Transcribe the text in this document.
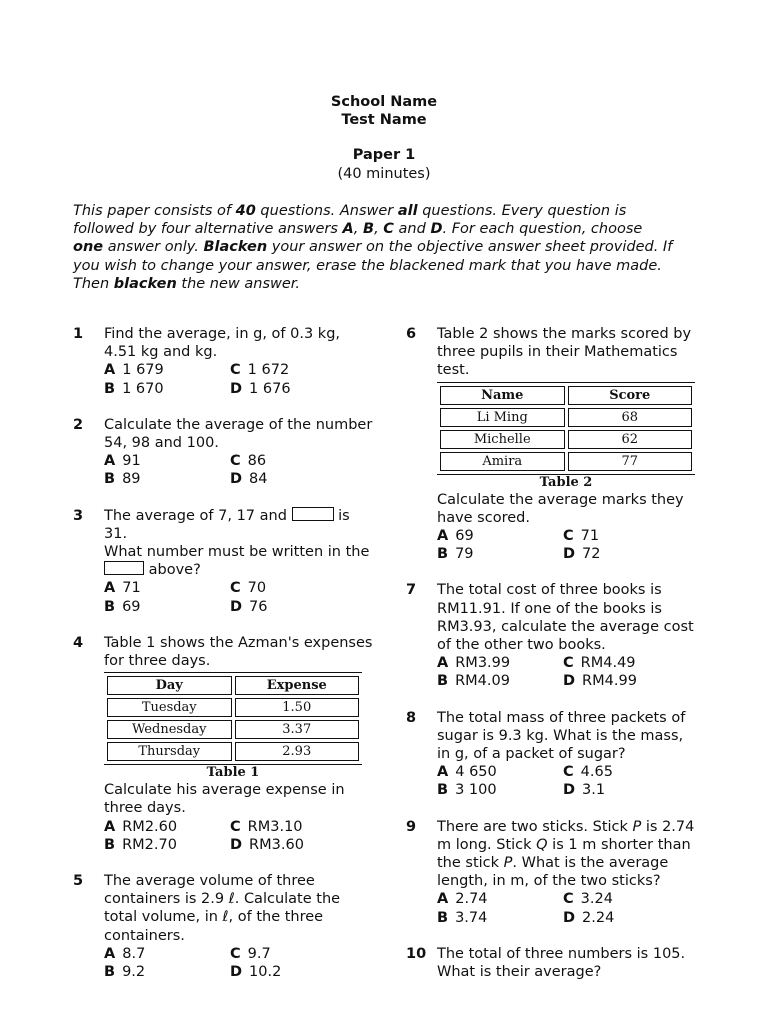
School Name
Test Name
Paper 1
(40 minutes)
This paper consists of 40 questions. Answer all questions. Every question is followed by four alternative answers A, B, C and D. For each question, choose one answer only. Blacken your answer on the objective answer sheet provided. If you wish to change your answer, erase the blackened mark that you have made. Then blacken the new answer.
1 Find the average, in g, of 0.3 kg, 4.51 kg and kg.
A 1 679	C 1 672
B 1 670	D 1 676
2 Calculate the average of the number 54, 98 and 100.
A 91	C 86
B 89	D 84
3 The average of 7, 17 and	is 31.
What number must be written in the  above?
A 71	C 70
B 69	D 76
4 Table 1 shows the Azman's expenses for three days.
Day	Expense
Tuesday	1.50
Wednesday	3.37
Thursday	2.93
Table 1
Calculate his average expense in three days.
A RM2.60	C RM3.10
B RM2.70	D RM3.60
5 The average volume of three containers is 2.9 ℓ. Calculate the total volume, in ℓ, of the three containers.
A 8.7	C 9.7
B 9.2	D 10.2
6 Table 2 shows the marks scored by three pupils in their Mathematics test.
Name	Score
Li Ming	68
Michelle	62
Amira	77
Table 2
Calculate the average marks they have scored.
A 69	C 71
B 79	D 72
7 The total cost of three books is RM11.91. If one of the books is RM3.93, calculate the average cost of the other two books.
A RM3.99	C RM4.49
B RM4.09	D RM4.99
8 The total mass of three packets of sugar is 9.3 kg. What is the mass, in g, of a packet of sugar?
A 4 650	C 4.65
B 3 100	D 3.1
9 There are two sticks. Stick P is 2.74 m long. Stick Q is 1 m shorter than the stick P. What is the average length, in m, of the two sticks?
A 2.74	C 3.24
B 3.74	D 2.24
10 The total of three numbers is 105. What is their average?
